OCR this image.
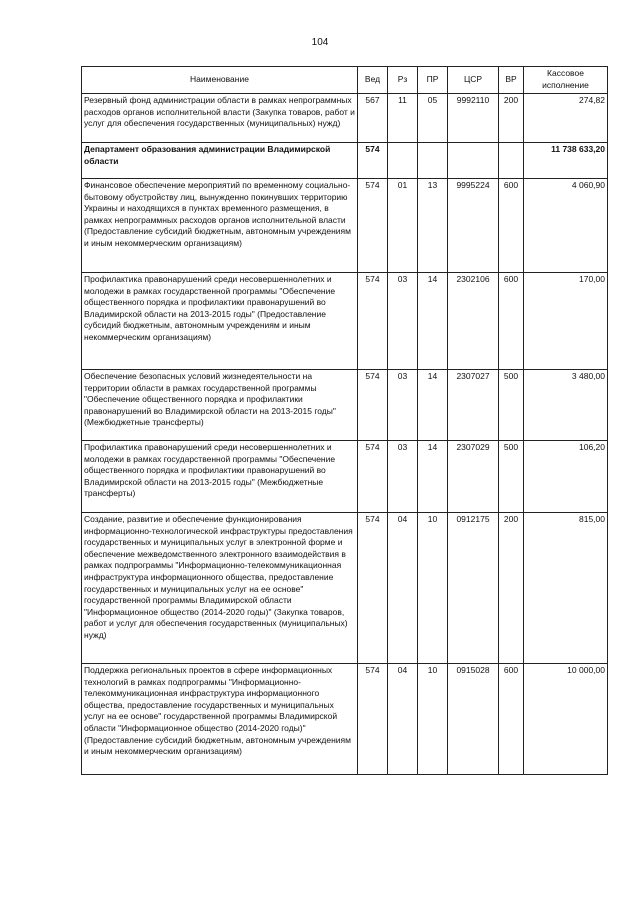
104
Наименование	Вед	Рз	ПР	ЦСР	ВР	Кассовое исполнение
Резервный фонд администрации области в рамках непрограммных расходов органов исполнительной власти (Закупка товаров, работ и услуг для обеспечения государственных (муниципальных) нужд)	567	11	05	9992110	200	274,82
Департамент образования администрации Владимирской области	574					11 738 633,20
Финансовое обеспечение мероприятий по временному социально-бытовому обустройству лиц, вынужденно покинувших территорию Украины и находящихся в пунктах временного размещения, в рамках непрограммных расходов органов исполнительной власти (Предоставление субсидий бюджетным, автономным учреждениям и иным некоммерческим организациям)	574	01	13	9995224	600	4 060,90
Профилактика правонарушений среди несовершеннолетних и молодежи в рамках государственной программы "Обеспечение общественного порядка и профилактики правонарушений во Владимирской области на 2013-2015 годы" (Предоставление субсидий бюджетным, автономным учреждениям и иным некоммерческим организациям)	574	03	14	2302106	600	170,00
Обеспечение безопасных условий жизнедеятельности на территории области в рамках государственной программы "Обеспечение общественного порядка и профилактики правонарушений во Владимирской области на 2013-2015 годы" (Межбюджетные трансферты)	574	03	14	2307027	500	3 480,00
Профилактика правонарушений среди несовершеннолетних и молодежи в рамках государственной программы "Обеспечение общественного порядка и профилактики правонарушений во Владимирской области на 2013-2015 годы" (Межбюджетные трансферты)	574	03	14	2307029	500	106,20
Создание, развитие и обеспечение функционирования информационно-технологической инфраструктуры предоставления государственных и муниципальных услуг в электронной форме и обеспечение межведомственного электронного взаимодействия в рамках подпрограммы "Информационно-телекоммуникационная инфраструктура информационного общества, предоставление государственных и муниципальных услуг на ее основе" государственной программы Владимирской области "Информационное общество (2014-2020 годы)" (Закупка товаров, работ и услуг для обеспечения государственных (муниципальных) нужд)	574	04	10	0912175	200	815,00
Поддержка региональных проектов в сфере информационных технологий в рамках подпрограммы "Информационно-телекоммуникационная инфраструктура информационного общества, предоставление государственных и муниципальных услуг на ее основе" государственной программы Владимирской области "Информационное общество (2014-2020 годы)" (Предоставление субсидий бюджетным, автономным учреждениям и иным некоммерческим организациям)	574	04	10	0915028	600	10 000,00
